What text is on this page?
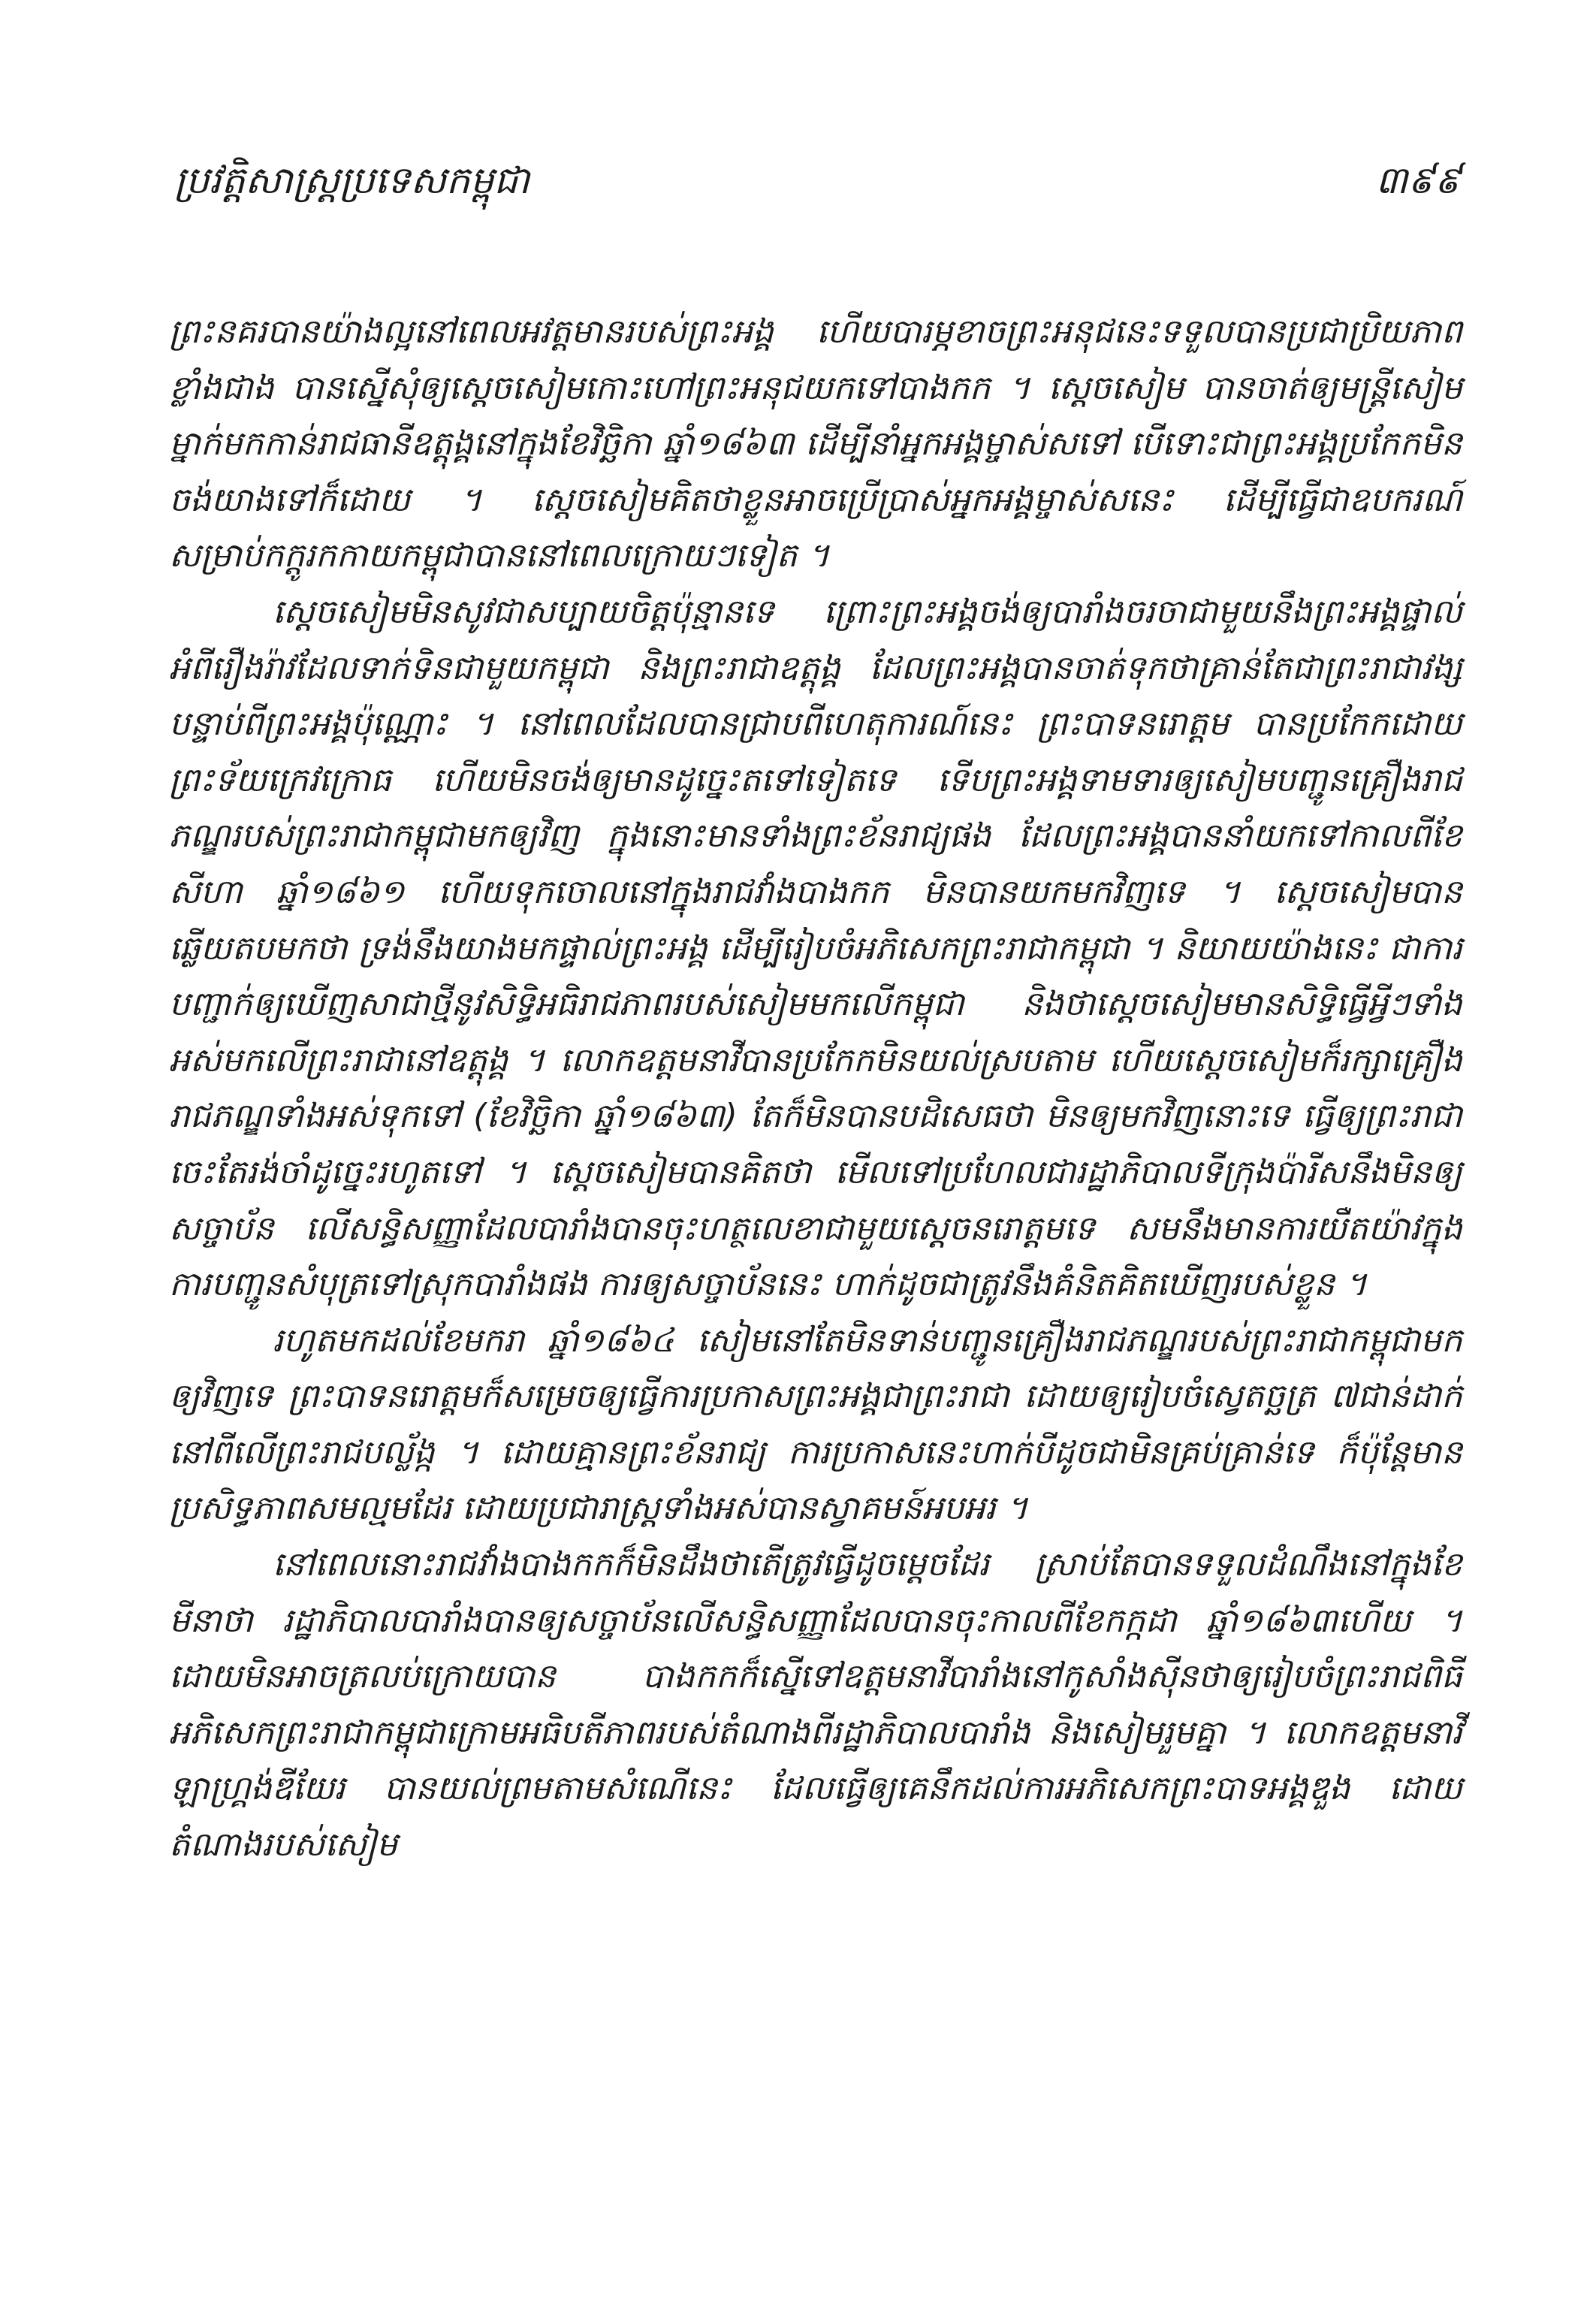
ប្រវត្តិសាស្ត្រប្រទេសកម្ពុជា	៣៩៩

ព្រះនគរបានយ៉ាងល្អនៅពេលអវត្តមានរបស់ព្រះអង្គ ហើយបារម្ភខាចព្រះអនុជនេះទទួលបានប្រជាប្រិយភាពខ្លាំងជាង បានស្នើសុំឲ្យស្តេចសៀមកោះហៅព្រះអនុជយកទៅបាងកក ។ ស្តេចសៀម បានចាត់ឲ្យមន្ត្រីសៀមម្នាក់មកកាន់រាជធានីឧត្តុង្គនៅក្នុងខែវិច្ឆិកា ឆ្នាំ១៨៦៣ ដើម្បីនាំអ្នកអង្គម្ចាស់សទៅ បើទោះជាព្រះអង្គប្រកែកមិនចង់យាងទៅក៏ដោយ ។ ស្តេចសៀមគិតថាខ្លួនអាចប្រើប្រាស់អ្នកអង្គម្ចាស់សនេះ ដើម្បីធ្វើជាឧបករណ៍សម្រាប់កក្ដូរកកាយកម្ពុជាបាននៅពេលក្រោយៗទៀត ។

ស្តេចសៀមមិនសូវជាសប្បាយចិត្តប៉ុន្មានទេ ព្រោះព្រះអង្គចង់ឲ្យបារាំងចរចាជាមួយនឹងព្រះអង្គផ្ទាល់អំពីរឿងរ៉ាវដែលទាក់ទិនជាមួយកម្ពុជា និងព្រះរាជាឧត្តុង្គ ដែលព្រះអង្គបានចាត់ទុកថាគ្រាន់តែជាព្រះរាជាវង្សបន្ទាប់ពីព្រះអង្គប៉ុណ្ណោះ ។ នៅពេលដែលបានជ្រាបពីហេតុការណ៍នេះ ព្រះបាទនរោត្តម បានប្រកែកដោយព្រះទ័យក្រេវក្រោធ ហើយមិនចង់ឲ្យមានដូច្នេះតទៅទៀតទេ ទើបព្រះអង្គទាមទារឲ្យសៀមបញ្ជូនគ្រឿងរាជភណ្ឌរបស់ព្រះរាជាកម្ពុជាមកឲ្យវិញ ក្នុងនោះមានទាំងព្រះខ័នរាជ្យផង ដែលព្រះអង្គបាននាំយកទៅកាលពីខែសីហា ឆ្នាំ១៨៦១ ហើយទុកចោលនៅក្នុងរាជវាំងបាងកក មិនបានយកមកវិញទេ ។ ស្តេចសៀមបានឆ្លើយតបមកថា ទ្រង់នឹងយាងមកផ្ទាល់ព្រះអង្គ ដើម្បីរៀបចំអភិសេកព្រះរាជាកម្ពុជា ។ និយាយយ៉ាងនេះ ជាការបញ្ជាក់ឲ្យឃើញសាជាថ្មីនូវសិទ្ធិអធិរាជភាពរបស់សៀមមកលើកម្ពុជា និងថាស្តេចសៀមមានសិទ្ធិធ្វើអ្វីៗទាំងអស់មកលើព្រះរាជានៅឧត្តុង្គ ។ លោកឧត្តមនាវីបានប្រកែកមិនយល់ស្របតាម ហើយស្តេចសៀមក៏រក្សាគ្រឿងរាជភណ្ឌទាំងអស់ទុកទៅ (ខែវិច្ឆិកា ឆ្នាំ១៨៦៣) តែក៏មិនបានបដិសេធថា មិនឲ្យមកវិញនោះទេ ធ្វើឲ្យព្រះរាជាចេះតែរង់ចាំដូច្នេះរហូតទៅ ។ ស្តេចសៀមបានគិតថា មើលទៅប្រហែលជារដ្ឋាភិបាលទីក្រុងប៉ារីសនឹងមិនឲ្យសច្ចាប័ន លើសន្ធិសញ្ញាដែលបារាំងបានចុះហត្ថលេខាជាមួយស្តេចនរោត្តមទេ សមនឹងមានការយឺតយ៉ាវក្នុងការបញ្ជូនសំបុត្រទៅស្រុកបារាំងផង ការឲ្យសច្ចាប័ននេះ ហាក់ដូចជាត្រូវនឹងគំនិតគិតឃើញរបស់ខ្លួន ។

រហូតមកដល់ខែមករា ឆ្នាំ១៨៦៤ សៀមនៅតែមិនទាន់បញ្ជូនគ្រឿងរាជភណ្ឌរបស់ព្រះរាជាកម្ពុជាមកឲ្យវិញទេ ព្រះបាទនរោត្តមក៏សម្រេចឲ្យធ្វើការប្រកាសព្រះអង្គជាព្រះរាជា ដោយឲ្យរៀបចំស្វេតច្ឆត្រ ៧ជាន់ដាក់នៅពីលើព្រះរាជបល្ល័ង្ក ។ ដោយគ្មានព្រះខ័នរាជ្យ ការប្រកាសនេះហាក់បីដូចជាមិនគ្រប់គ្រាន់ទេ ក៏ប៉ុន្តែមានប្រសិទ្ធភាពសមល្មមដែរ ដោយប្រជារាស្ត្រទាំងអស់បានស្វាគមន៍អបអរ ។

នៅពេលនោះរាជវាំងបាងកកក៏មិនដឹងថាតើត្រូវធ្វើដូចម្តេចដែរ ស្រាប់តែបានទទួលដំណឹងនៅក្នុងខែមីនាថា រដ្ឋាភិបាលបារាំងបានឲ្យសច្ចាប័នលើសន្ធិសញ្ញាដែលបានចុះកាលពីខែកក្កដា ឆ្នាំ១៨៦៣ហើយ ។ ដោយមិនអាចត្រលប់ក្រោយបាន បាងកកក៏ស្នើទៅឧត្តមនាវីបារាំងនៅកូសាំងស៊ីនថាឲ្យរៀបចំព្រះរាជពិធីអភិសេកព្រះរាជាកម្ពុជាក្រោមអធិបតីភាពរបស់តំណាងពីរដ្ឋាភិបាលបារាំង និងសៀមរួមគ្នា ។ លោកឧត្តមនាវី ឡាហ្គ្រង់ឌីយែរ បានយល់ព្រមតាមសំណើនេះ ដែលធ្វើឲ្យគេនឹកដល់ការអភិសេកព្រះបាទអង្គឌួង ដោយតំណាងរបស់សៀម
